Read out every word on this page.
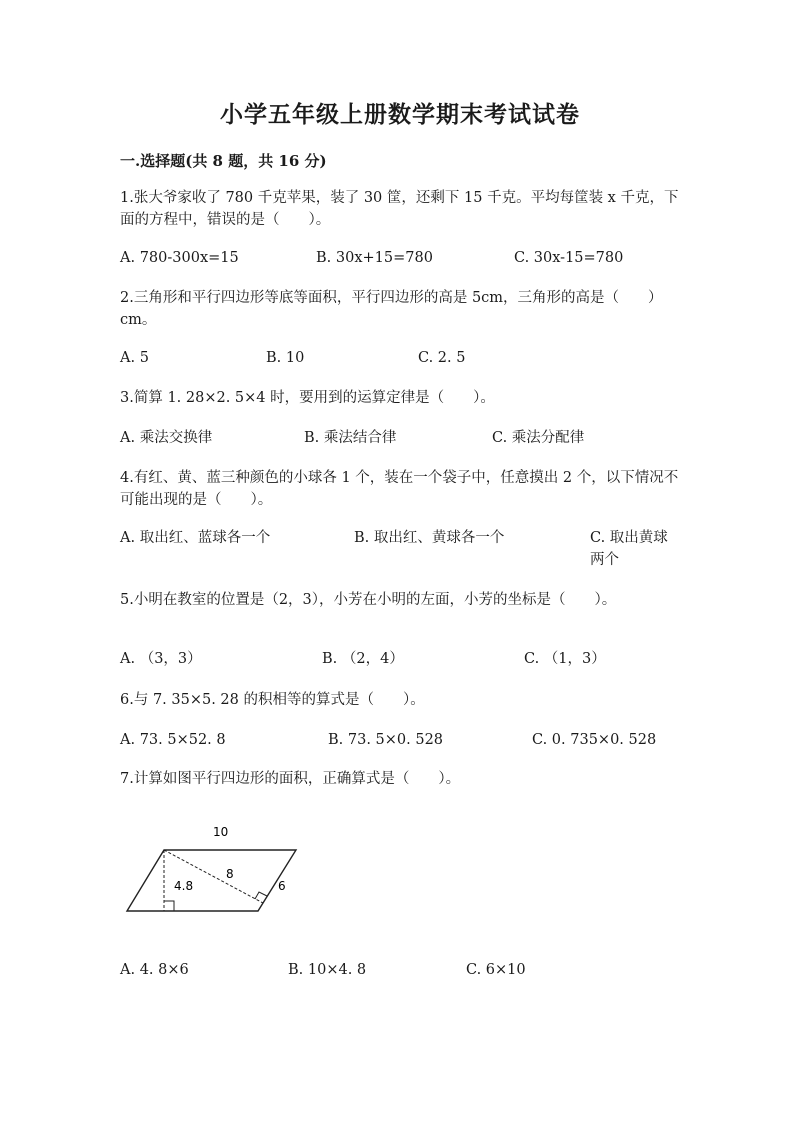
小学五年级上册数学期末考试试卷
一.选择题(共 8 题，共 16 分)
1.张大爷家收了 780 千克苹果，装了 30 筐，还剩下 15 千克。平均每筐装 x 千克，下面的方程中，错误的是（　　）。
A. 780-300x=15	B. 30x+15=780	C. 30x-15=780
2.三角形和平行四边形等底等面积，平行四边形的高是 5cm，三角形的高是（　　）cm。
A. 5	B. 10	C. 2. 5
3.简算 1. 28×2. 5×4 时，要用到的运算定律是（　　）。
A. 乘法交换律	B. 乘法结合律	C. 乘法分配律
4.有红、黄、蓝三种颜色的小球各 1 个，装在一个袋子中，任意摸出 2 个，以下情况不可能出现的是（　　）。
A. 取出红、蓝球各一个	B. 取出红、黄球各一个	C. 取出黄球两个
5.小明在教室的位置是（2，3），小芳在小明的左面，小芳的坐标是（　　）。
A. （3，3）	B. （2，4）	C. （1，3）
6.与 7. 35×5. 28 的积相等的算式是（　　）。
A. 73. 5×52. 8	B. 73. 5×0. 528	C. 0. 735×0. 528
7.计算如图平行四边形的面积，正确算式是（　　）。
10
4.8
8
6
A. 4. 8×6	B. 10×4. 8	C. 6×10
